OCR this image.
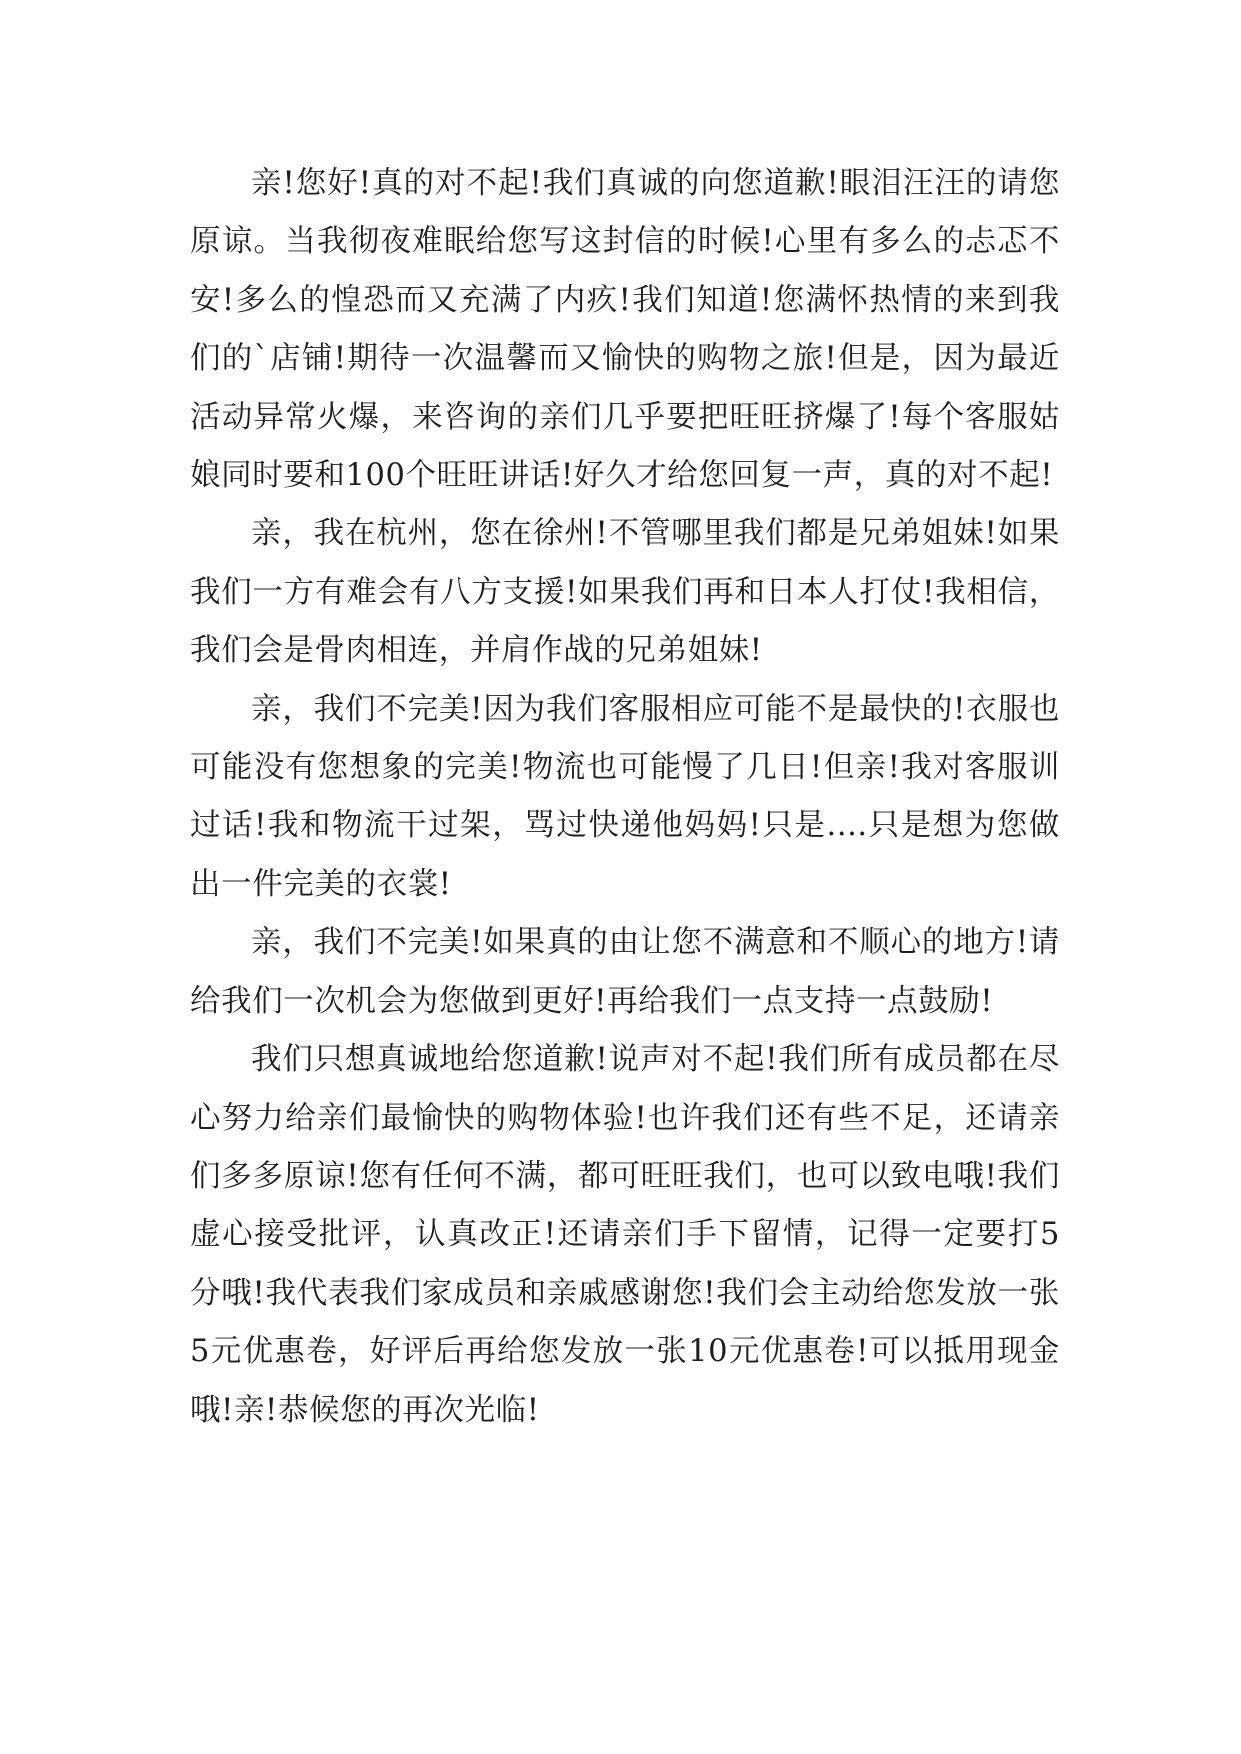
亲!您好!真的对不起!我们真诚的向您道歉!眼泪汪汪的请您原谅。当我彻夜难眠给您写这封信的时候!心里有多么的忐忑不安!多么的惶恐而又充满了内疚!我们知道!您满怀热情的来到我们的`店铺!期待一次温馨而又愉快的购物之旅!但是，因为最近活动异常火爆，来咨询的亲们几乎要把旺旺挤爆了!每个客服姑娘同时要和100个旺旺讲话!好久才给您回复一声，真的对不起!

亲，我在杭州，您在徐州!不管哪里我们都是兄弟姐妹!如果我们一方有难会有八方支援!如果我们再和日本人打仗!我相信，我们会是骨肉相连，并肩作战的兄弟姐妹!

亲，我们不完美!因为我们客服相应可能不是最快的!衣服也可能没有您想象的完美!物流也可能慢了几日!但亲!我对客服训过话!我和物流干过架，骂过快递他妈妈!只是....只是想为您做出一件完美的衣裳!

亲，我们不完美!如果真的由让您不满意和不顺心的地方!请给我们一次机会为您做到更好!再给我们一点支持一点鼓励!

我们只想真诚地给您道歉!说声对不起!我们所有成员都在尽心努力给亲们最愉快的购物体验!也许我们还有些不足，还请亲们多多原谅!您有任何不满，都可旺旺我们，也可以致电哦!我们虚心接受批评，认真改正!还请亲们手下留情，记得一定要打5分哦!我代表我们家成员和亲戚感谢您!我们会主动给您发放一张5元优惠卷，好评后再给您发放一张10元优惠卷!可以抵用现金哦!亲!恭候您的再次光临!
